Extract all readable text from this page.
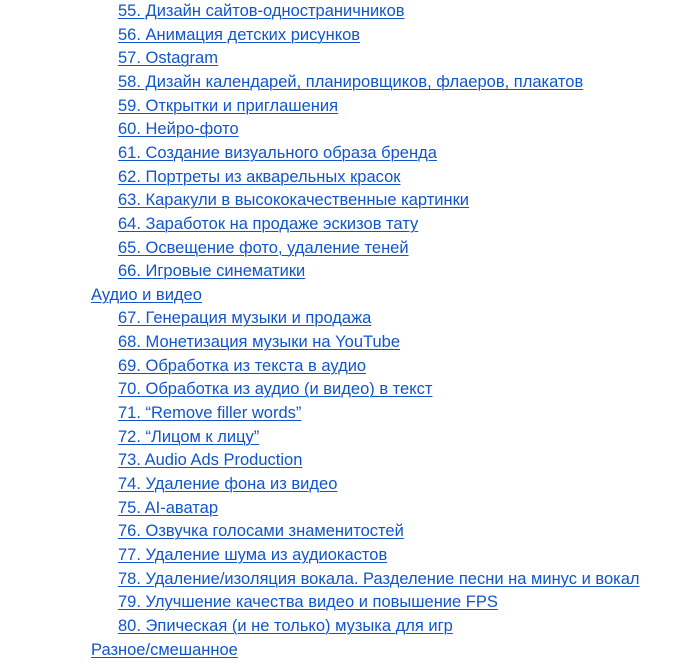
55. Дизайн сайтов-одностраничников
56. Анимация детских рисунков
57. Ostagram
58. Дизайн календарей, планировщиков, флаеров, плакатов
59. Открытки и приглашения
60. Нейро-фото
61. Создание визуального образа бренда
62. Портреты из акварельных красок
63. Каракули в высококачественные картинки
64. Заработок на продаже эскизов тату
65. Освещение фото, удаление теней
66. Игровые синематики
Аудио и видео
67. Генерация музыки и продажа
68. Монетизация музыки на YouTube
69. Обработка из текста в аудио
70. Обработка из аудио (и видео) в текст
71. “Remove filler words”
72. “Лицом к лицу”
73. Audio Ads Production
74. Удаление фона из видео
75. AI-аватар
76. Озвучка голосами знаменитостей
77. Удаление шума из аудиокастов
78. Удаление/изоляция вокала. Разделение песни на минус и вокал
79. Улучшение качества видео и повышение FPS
80. Эпическая (и не только) музыка для игр
Разное/смешанное
